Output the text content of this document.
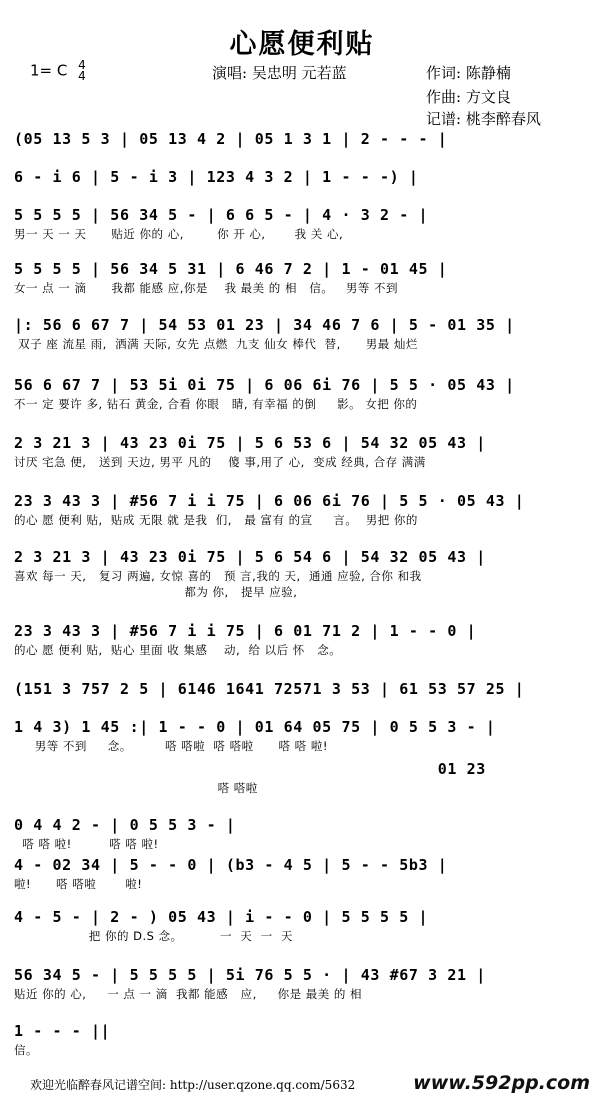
心愿便利贴
1= C 4
4	演唱: 吴忠明 元若蓝	作词: 陈静楠
作曲: 方文良
记谱: 桃李醉春风
(05 13 5 3 | 05 13 4 2 | 05 1 3 1 | 2 - - - |
6 - i 6 | 5 - i 3 | 123 4 3 2 | 1 - - -) |
5 5 5 5 | 56 34 5 - | 6 6 5 - | 4 · 3 2 - |
男一 天 一 天      贴近 你的 心,        你 开 心,       我 关 心,
5 5 5 5 | 56 34 5 31 | 6 46 7 2 | 1 - 01 45 |
女一 点 一 滴      我都 能感 应,你是    我 最美 的 相   信。   男等 不到
|: 56 6 67 7 | 54 53 01 23 | 34 46 7 6 | 5 - 01 35 |
双子 座 流星 雨,  洒满 天际, 女先 点燃  九支 仙女 棒代  替,      男最 灿烂
56 6 67 7 | 53 5i 0i 75 | 6 06 6i 76 | 5 5 · 05 43 |
不一 定 要许 多, 钻石 黄金, 合看 你眼   睛, 有幸福 的倒     影。 女把 你的
2 3 21 3 | 43 23 0i 75 | 5 6 53 6 | 54 32 05 43 |
讨厌 宅急 便,   送到 天边, 男平 凡的    傻 事,用了 心,  变成 经典, 合存 满满
23 3 43 3 | #56 7 i i 75 | 6 06 6i 76 | 5 5 · 05 43 |
的心 愿 便利 贴,  贴成 无限 就 是我  们,   最 富有 的宣     言。  男把 你的
2 3 21 3 | 43 23 0i 75 | 5 6 54 6 | 54 32 05 43 |
喜欢 每一 天,   复习 两遍, 女惊 喜的   预 言,我的 天,  通通 应验, 合你 和我
都为 你,   提早 应验,
23 3 43 3 | #56 7 i i 75 | 6 01 71 2 | 1 - - 0 |
的心 愿 便利 贴,  贴心 里面 收 集感    动,  给 以后 怀   念。
(151 3 757 2 5 | 6146 1641 72571 3 53 | 61 53 57 25 |
1 4 3) 1 45 :| 1 - - 0 | 01 64 05 75 | 0 5 5 3 - |
男等 不到     念。        嗒 嗒啦  嗒 嗒啦      嗒 嗒 啦!
01 23
嗒 嗒啦
0 4 4 2 - | 0 5 5 3 - |
嗒 嗒 啦!         嗒 嗒 啦!
4 - 02 34 | 5 - - 0 | (b3 - 4 5 | 5 - - 5b3 |
啦!      嗒 嗒啦       啦!
4 - 5 - | 2 - ) 05 43 | i - - 0 | 5 5 5 5 |
把 你的 D.S 念。         一  天  一  天
56 34 5 - | 5 5 5 5 | 5i 76 5 5 · | 43 #67 3 21 |
贴近 你的 心,     一 点 一 滴  我都 能感   应,     你是 最美 的 相
1 - - - ||
信。
欢迎光临醉春风记谱空间: http://user.qzone.qq.com/5632	www.592pp.com
